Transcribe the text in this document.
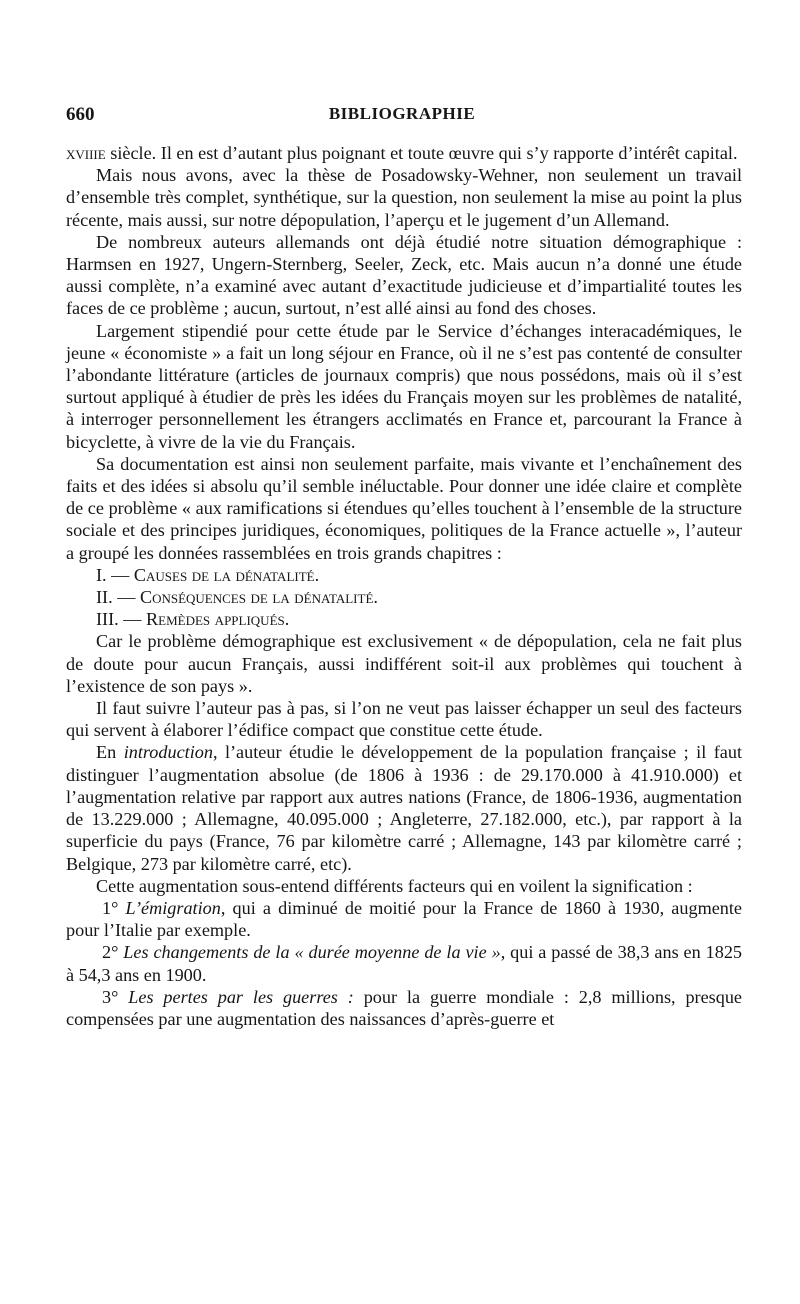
660	BIBLIOGRAPHIE

xviiie siècle. Il en est d’autant plus poignant et toute œuvre qui s’y rapporte d’intérêt capital.

Mais nous avons, avec la thèse de Posadowsky-Wehner, non seulement un travail d’ensemble très complet, synthétique, sur la question, non seulement la mise au point la plus récente, mais aussi, sur notre dépopulation, l’aperçu et le jugement d’un Allemand.

De nombreux auteurs allemands ont déjà étudié notre situation démographique : Harmsen en 1927, Ungern-Sternberg, Seeler, Zeck, etc. Mais aucun n’a donné une étude aussi complète, n’a examiné avec autant d’exactitude judicieuse et d’impartialité toutes les faces de ce problème ; aucun, surtout, n’est allé ainsi au fond des choses.

Largement stipendié pour cette étude par le Service d’échanges interacadémiques, le jeune « économiste » a fait un long séjour en France, où il ne s’est pas contenté de consulter l’abondante littérature (articles de journaux compris) que nous possédons, mais où il s’est surtout appliqué à étudier de près les idées du Français moyen sur les problèmes de natalité, à interroger personnellement les étrangers acclimatés en France et, parcourant la France à bicyclette, à vivre de la vie du Français.

Sa documentation est ainsi non seulement parfaite, mais vivante et l’enchaînement des faits et des idées si absolu qu’il semble inéluctable. Pour donner une idée claire et complète de ce problème « aux ramifications si étendues qu’elles touchent à l’ensemble de la structure sociale et des principes juridiques, économiques, politiques de la France actuelle », l’auteur a groupé les données rassemblées en trois grands chapitres :

I. — Causes de la dénatalité.

II. — Conséquences de la dénatalité.

III. — Remèdes appliqués.

Car le problème démographique est exclusivement « de dépopulation, cela ne fait plus de doute pour aucun Français, aussi indifférent soit-il aux problèmes qui touchent à l’existence de son pays ».

Il faut suivre l’auteur pas à pas, si l’on ne veut pas laisser échapper un seul des facteurs qui servent à élaborer l’édifice compact que constitue cette étude.

En introduction, l’auteur étudie le développement de la population française ; il faut distinguer l’augmentation absolue (de 1806 à 1936 : de 29.170.000 à 41.910.000) et l’augmentation relative par rapport aux autres nations (France, de 1806-1936, augmentation de 13.229.000 ; Allemagne, 40.095.000 ; Angleterre, 27.182.000, etc.), par rapport à la superficie du pays (France, 76 par kilomètre carré ; Allemagne, 143 par kilomètre carré ; Belgique, 273 par kilomètre carré, etc).

Cette augmentation sous-entend différents facteurs qui en voilent la signification :

1° L’émigration, qui a diminué de moitié pour la France de 1860 à 1930, augmente pour l’Italie par exemple.

2° Les changements de la « durée moyenne de la vie », qui a passé de 38,3 ans en 1825 à 54,3 ans en 1900.

3° Les pertes par les guerres : pour la guerre mondiale : 2,8 millions, presque compensées par une augmentation des naissances d’après-guerre et
